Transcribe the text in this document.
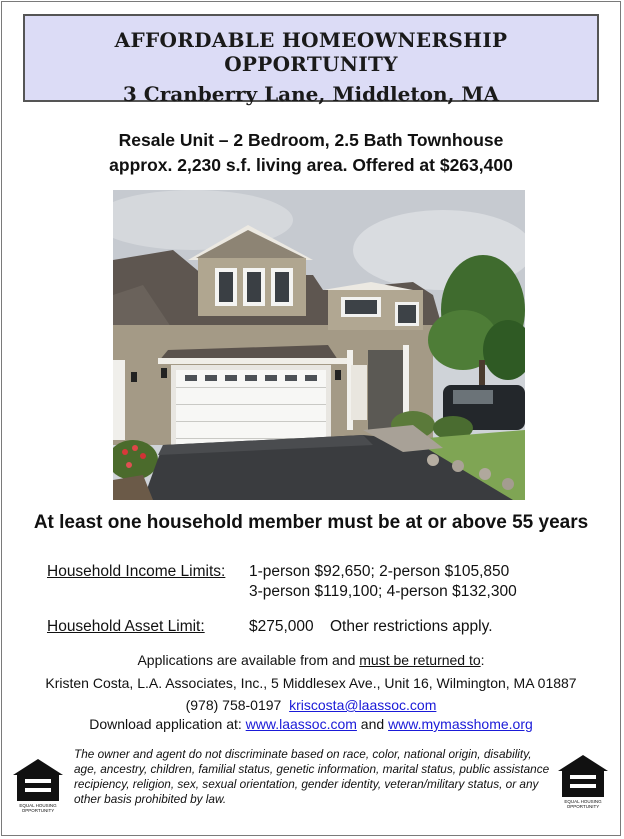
AFFORDABLE HOMEOWNERSHIP OPPORTUNITY
3 Cranberry Lane, Middleton, MA
Resale Unit – 2 Bedroom, 2.5 Bath Townhouse
approx. 2,230 s.f. living area. Offered at $263,400
At least one household member must be at or above 55 years
Household Income Limits: 1-person $92,650; 2-person $105,850
3-person $119,100; 4-person $132,300
Household Asset Limit:	$275,000 Other restrictions apply.
Applications are available from and must be returned to:
Kristen Costa, L.A. Associates, Inc., 5 Middlesex Ave., Unit 16, Wilmington, MA 01887
(978) 758-0197 kriscosta@laassoc.com
Download application at: www.laassoc.com and www.mymasshome.org
The owner and agent do not discriminate based on race, color, national origin, disability, age, ancestry, children, familial status, genetic information, marital status, public assistance recipiency, religion, sex, sexual orientation, gender identity, veteran/military status, or any other basis prohibited by law.
EQUAL HOUSING OPPORTUNITY
EQUAL HOUSING OPPORTUNITY
